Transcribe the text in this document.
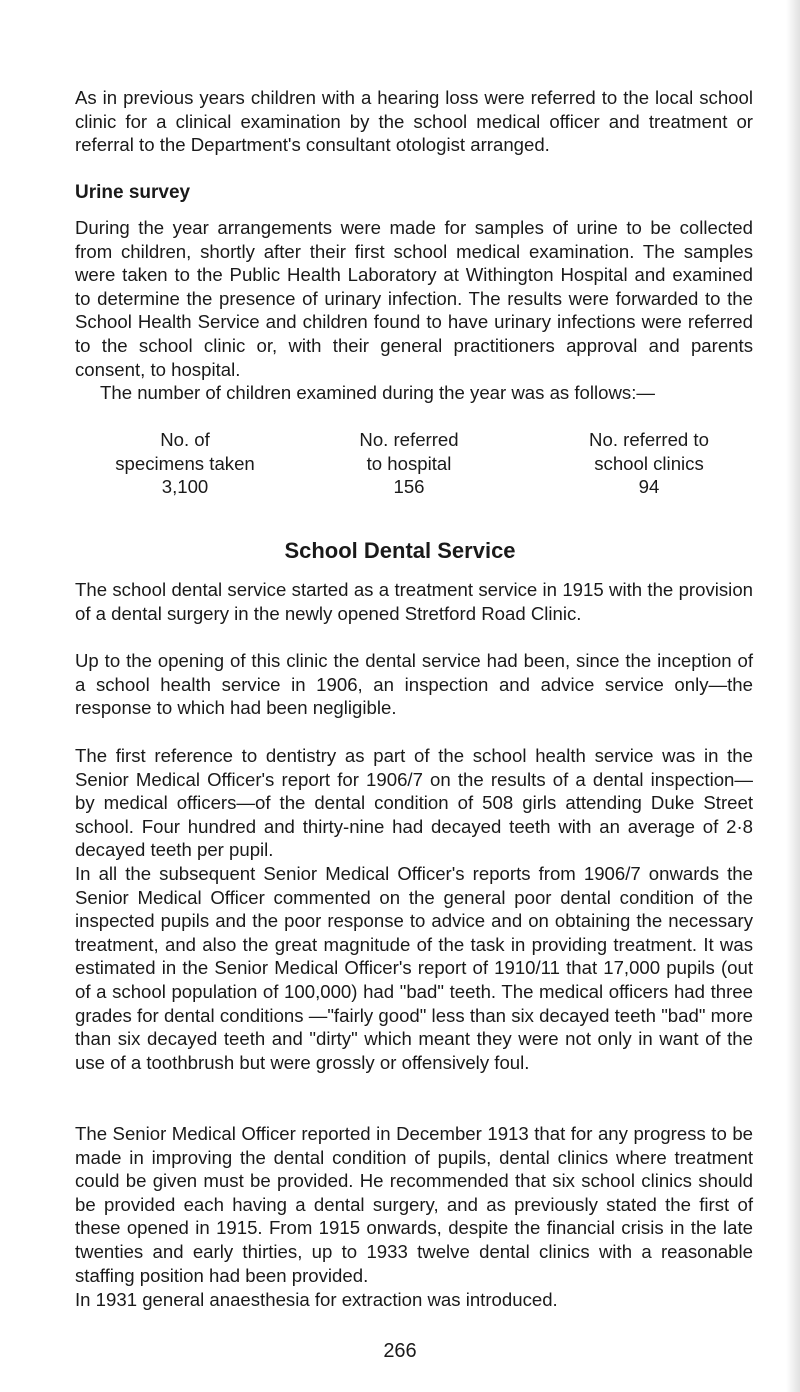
As in previous years children with a hearing loss were referred to the local school clinic for a clinical examination by the school medical officer and treatment or referral to the Department's consultant otologist arranged.

Urine survey

During the year arrangements were made for samples of urine to be collected from children, shortly after their first school medical examination. The samples were taken to the Public Health Laboratory at Withington Hospital and examined to determine the presence of urinary infection. The results were forwarded to the School Health Service and children found to have urinary infections were referred to the school clinic or, with their general practitioners approval and parents consent, to hospital.

The number of children examined during the year was as follows:—

No. of
specimens taken
3,100
No. referred
to hospital
156
No. referred to
school clinics
94
School Dental Service

The school dental service started as a treatment service in 1915 with the provision of a dental surgery in the newly opened Stretford Road Clinic.

Up to the opening of this clinic the dental service had been, since the inception of a school health service in 1906, an inspection and advice service only—the response to which had been negligible.

The first reference to dentistry as part of the school health service was in the Senior Medical Officer's report for 1906/7 on the results of a dental inspection— by medical officers—of the dental condition of 508 girls attending Duke Street school. Four hundred and thirty-nine had decayed teeth with an average of 2·8 decayed teeth per pupil.

In all the subsequent Senior Medical Officer's reports from 1906/7 onwards the Senior Medical Officer commented on the general poor dental condition of the inspected pupils and the poor response to advice and on obtaining the necessary treatment, and also the great magnitude of the task in providing treatment. It was estimated in the Senior Medical Officer's report of 1910/11 that 17,000 pupils (out of a school population of 100,000) had "bad" teeth. The medical officers had three grades for dental conditions —"fairly good" less than six decayed teeth "bad" more than six decayed teeth and "dirty" which meant they were not only in want of the use of a toothbrush but were grossly or offensively foul.

The Senior Medical Officer reported in December 1913 that for any progress to be made in improving the dental condition of pupils, dental clinics where treatment could be given must be provided. He recommended that six school clinics should be provided each having a dental surgery, and as previously stated the first of these opened in 1915. From 1915 onwards, despite the financial crisis in the late twenties and early thirties, up to 1933 twelve dental clinics with a reasonable staffing position had been provided.

In 1931 general anaesthesia for extraction was introduced.

266
